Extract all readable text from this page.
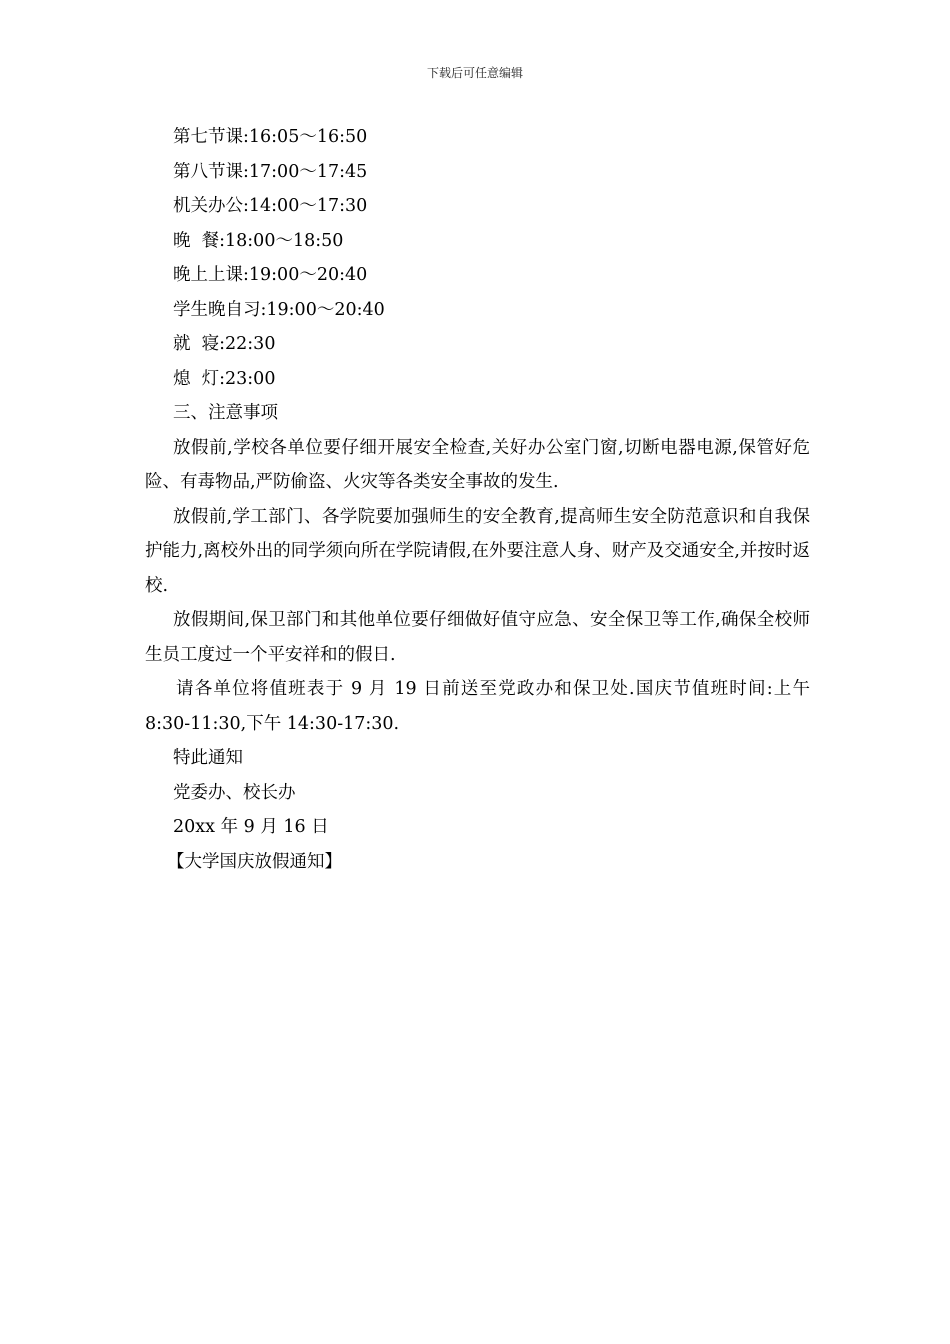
下载后可任意编辑
第七节课:16:05～16:50
第八节课:17:00～17:45
机关办公:14:00～17:30
晚  餐:18:00～18:50
晚上上课:19:00～20:40
学生晚自习:19:00～20:40
就  寝:22:30
熄  灯:23:00
三、注意事项

放假前,学校各单位要仔细开展安全检查,关好办公室门窗,切断电器电源,保管好危险、有毒物品,严防偷盗、火灾等各类安全事故的发生.

放假前,学工部门、各学院要加强师生的安全教育,提高师生安全防范意识和自我保护能力,离校外出的同学须向所在学院请假,在外要注意人身、财产及交通安全,并按时返校.

放假期间,保卫部门和其他单位要仔细做好值守应急、安全保卫等工作,确保全校师生员工度过一个平安祥和的假日.

请各单位将值班表于 9 月 19 日前送至党政办和保卫处.国庆节值班时间:上午 8:30-11:30,下午 14:30-17:30.

特此通知
党委办、校长办
20xx 年 9 月 16 日
【大学国庆放假通知】
